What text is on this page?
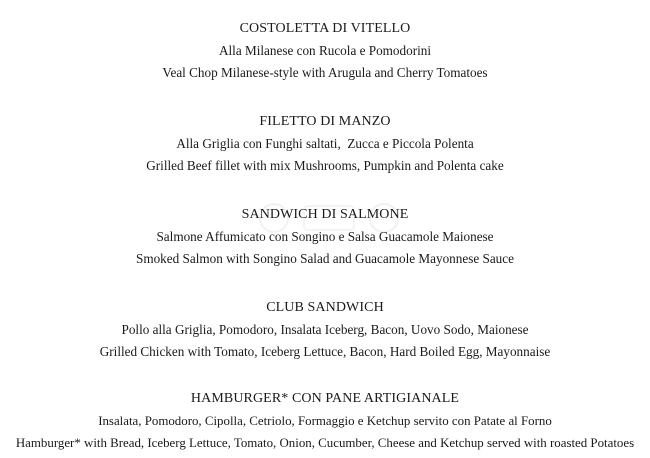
COSTOLETTA DI VITELLO
Alla Milanese con Rucola e Pomodorini
Veal Chop Milanese-style with Arugula and Cherry Tomatoes
FILETTO DI MANZO
Alla Griglia con Funghi saltati,  Zucca e Piccola Polenta
Grilled Beef fillet with mix Mushrooms, Pumpkin and Polenta cake
SANDWICH DI SALMONE
Salmone Affumicato con Songino e Salsa Guacamole Maionese
Smoked Salmon with Songino Salad and Guacamole Mayonnese Sauce
CLUB SANDWICH
Pollo alla Griglia, Pomodoro, Insalata Iceberg, Bacon, Uovo Sodo, Maionese
Grilled Chicken with Tomato, Iceberg Lettuce, Bacon, Hard Boiled Egg, Mayonnaise
HAMBURGER* CON PANE ARTIGIANALE
Insalata, Pomodoro, Cipolla, Cetriolo, Formaggio e Ketchup servito con Patate al Forno
Hamburger* with Bread, Iceberg Lettuce, Tomato, Onion, Cucumber, Cheese and Ketchup served with roasted Potatoes
